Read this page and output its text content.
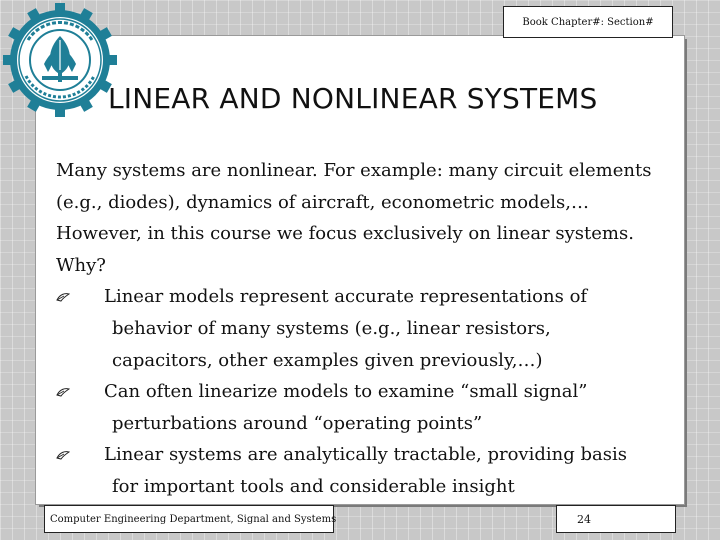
Book Chapter#: Section#
LINEAR AND NONLINEAR SYSTEMS

Many systems are nonlinear. For example: many circuit elements

(e.g., diodes), dynamics of aircraft, econometric models,…

However, in this course we focus exclusively on linear systems.

Why?

Linear models represent accurate representations of
behavior of many systems (e.g., linear resistors,
capacitors, other examples given previously,…)
Can often linearize models to examine “small signal”
perturbations around “operating points”
Linear systems are analytically tractable, providing basis
for important tools and considerable insight
Computer Engineering Department, Signal and Systems	24
